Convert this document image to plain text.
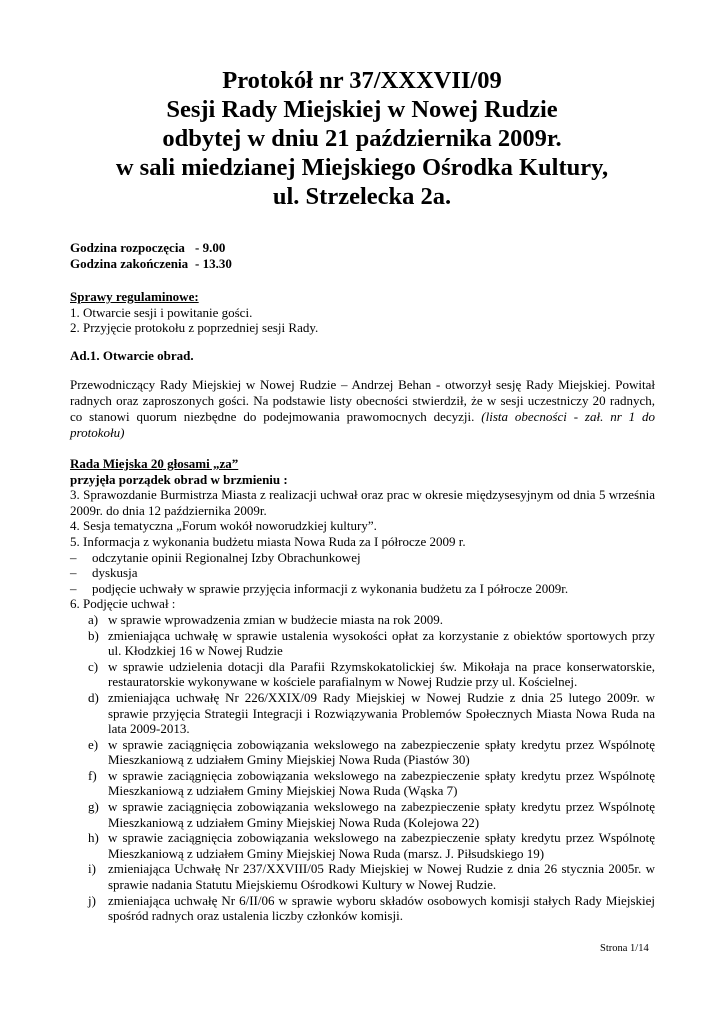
Protokół nr 37/XXXVII/09
Sesji Rady Miejskiej w Nowej Rudzie
odbytej w dniu 21 października 2009r.
w sali miedzianej Miejskiego Ośrodka Kultury,
ul. Strzelecka 2a.
Godzina rozpoczęcia - 9.00
Godzina zakończenia - 13.30
Sprawy regulaminowe:
1. Otwarcie sesji i powitanie gości.
2. Przyjęcie protokołu z poprzedniej sesji Rady.
Ad.1. Otwarcie obrad.
Przewodniczący Rady Miejskiej w Nowej Rudzie – Andrzej Behan - otworzył sesję Rady Miejskiej. Powitał radnych oraz zaproszonych gości. Na podstawie listy obecności stwierdził, że w sesji uczestniczy 20 radnych, co stanowi quorum niezbędne do podejmowania prawomocnych decyzji. (lista obecności - zał. nr 1 do protokołu)
Rada Miejska 20 głosami „za”
przyjęła porządek obrad w brzmieniu :
3. Sprawozdanie Burmistrza Miasta z realizacji uchwał oraz prac w okresie międzysesyjnym od dnia 5 września 2009r. do dnia 12 października 2009r.
4. Sesja tematyczna „Forum wokół noworudzkiej kultury”.
5. Informacja z wykonania budżetu miasta Nowa Ruda za I półrocze 2009 r.
– odczytanie opinii Regionalnej Izby Obrachunkowej
– dyskusja
– podjęcie uchwały w sprawie przyjęcia informacji z wykonania budżetu za I półrocze 2009r.
6. Podjęcie uchwał :
a) w sprawie wprowadzenia zmian w budżecie miasta na rok 2009.
b) zmieniająca uchwałę w sprawie ustalenia wysokości opłat za korzystanie z obiektów sportowych przy ul. Kłodzkiej 16 w Nowej Rudzie
c) w sprawie udzielenia dotacji dla Parafii Rzymskokatolickiej św. Mikołaja na prace konserwatorskie, restauratorskie wykonywane w kościele parafialnym w Nowej Rudzie przy ul. Kościelnej.
d) zmieniająca uchwałę Nr 226/XXIX/09 Rady Miejskiej w Nowej Rudzie z dnia 25 lutego 2009r. w sprawie przyjęcia Strategii Integracji i Rozwiązywania Problemów Społecznych Miasta Nowa Ruda na lata 2009-2013.
e) w sprawie zaciągnięcia zobowiązania wekslowego na zabezpieczenie spłaty kredytu przez Wspólnotę Mieszkaniową z udziałem Gminy Miejskiej Nowa Ruda (Piastów 30)
f) w sprawie zaciągnięcia zobowiązania wekslowego na zabezpieczenie spłaty kredytu przez Wspólnotę Mieszkaniową z udziałem Gminy Miejskiej Nowa Ruda (Wąska 7)
g) w sprawie zaciągnięcia zobowiązania wekslowego na zabezpieczenie spłaty kredytu przez Wspólnotę Mieszkaniową z udziałem Gminy Miejskiej Nowa Ruda (Kolejowa 22)
h) w sprawie zaciągnięcia zobowiązania wekslowego na zabezpieczenie spłaty kredytu przez Wspólnotę Mieszkaniową z udziałem Gminy Miejskiej Nowa Ruda (marsz. J. Piłsudskiego 19)
i) zmieniająca Uchwałę Nr 237/XXVIII/05 Rady Miejskiej w Nowej Rudzie z dnia 26 stycznia 2005r. w sprawie nadania Statutu Miejskiemu Ośrodkowi Kultury w Nowej Rudzie.
j) zmieniająca uchwałę Nr 6/II/06 w sprawie wyboru składów osobowych komisji stałych Rady Miejskiej spośród radnych oraz ustalenia liczby członków komisji.
Strona 1/14
